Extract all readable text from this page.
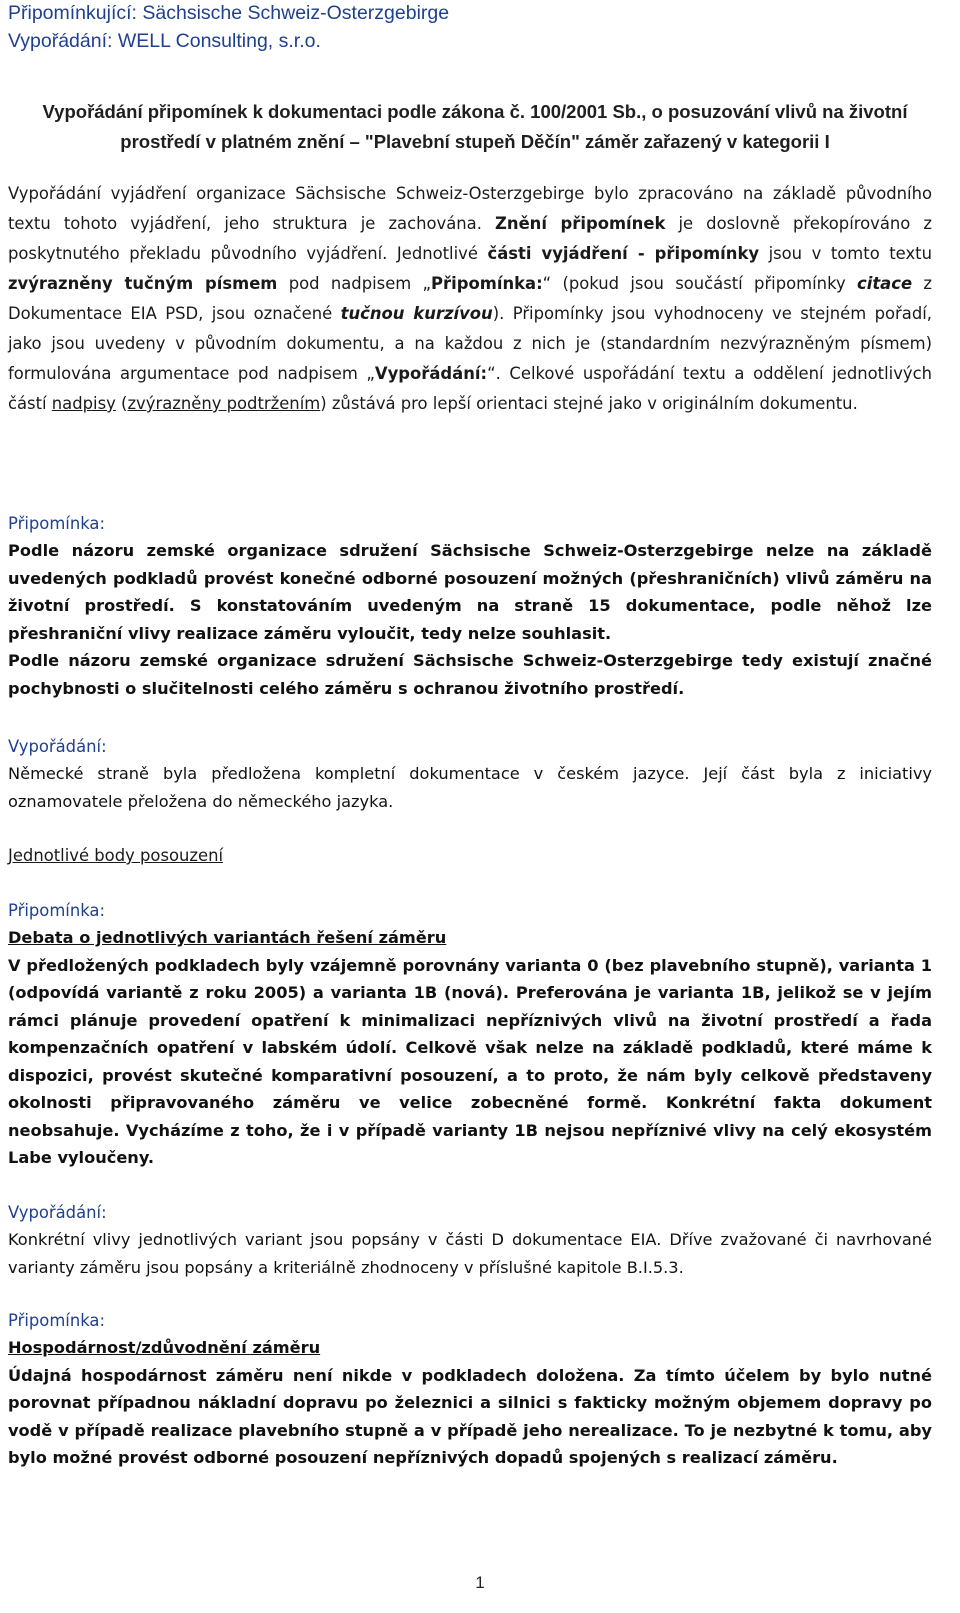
Připomínkující: Sächsische Schweiz-Osterzgebirge
Vypořádání: WELL Consulting, s.r.o.
Vypořádání připomínek k dokumentaci podle zákona č. 100/2001 Sb., o posuzování vlivů na životní
prostředí v platném znění – "Plavební stupeň Děčín" záměr zařazený v kategorii I
Vypořádání vyjádření organizace Sächsische Schweiz-Osterzgebirge bylo zpracováno na základě původního textu tohoto vyjádření, jeho struktura je zachována. Znění připomínek je doslovně překopírováno z poskytnutého překladu původního vyjádření. Jednotlivé části vyjádření - připomínky jsou v tomto textu zvýrazněny tučným písmem pod nadpisem „Připomínka:“ (pokud jsou součástí připomínky citace z Dokumentace EIA PSD, jsou označené tučnou kurzívou). Připomínky jsou vyhodnoceny ve stejném pořadí, jako jsou uvedeny v původním dokumentu, a na každou z nich je (standardním nezvýrazněným písmem) formulována argumentace pod nadpisem „Vypořádání:“. Celkové uspořádání textu a oddělení jednotlivých částí nadpisy (zvýrazněny podtržením) zůstává pro lepší orientaci stejné jako v originálním dokumentu.
Připomínka:
Podle názoru zemské organizace sdružení Sächsische Schweiz-Osterzgebirge nelze na základě uvedených podkladů provést konečné odborné posouzení možných (přeshraničních) vlivů záměru na životní prostředí. S konstatováním uvedeným na straně 15 dokumentace, podle něhož lze přeshraniční vlivy realizace záměru vyloučit, tedy nelze souhlasit.
Podle názoru zemské organizace sdružení Sächsische Schweiz-Osterzgebirge tedy existují značné pochybnosti o slučitelnosti celého záměru s ochranou životního prostředí.
Vypořádání:
Německé straně byla předložena kompletní dokumentace v českém jazyce. Její část byla z iniciativy oznamovatele přeložena do německého jazyka.
Jednotlivé body posouzení
Připomínka:
Debata o jednotlivých variantách řešení záměru
V předložených podkladech byly vzájemně porovnány varianta 0 (bez plavebního stupně), varianta 1 (odpovídá variantě z roku 2005) a varianta 1B (nová). Preferována je varianta 1B, jelikož se v jejím rámci plánuje provedení opatření k minimalizaci nepříznivých vlivů na životní prostředí a řada kompenzačních opatření v labském údolí. Celkově však nelze na základě podkladů, které máme k dispozici, provést skutečné komparativní posouzení, a to proto, že nám byly celkově představeny okolnosti připravovaného záměru ve velice zobecněné formě. Konkrétní fakta dokument neobsahuje. Vycházíme z toho, že i v případě varianty 1B nejsou nepříznivé vlivy na celý ekosystém Labe vyloučeny.
Vypořádání:
Konkrétní vlivy jednotlivých variant jsou popsány v části D dokumentace EIA. Dříve zvažované či navrhované varianty záměru jsou popsány a kriteriálně zhodnoceny v příslušné kapitole B.I.5.3.
Připomínka:
Hospodárnost/zdůvodnění záměru
Údajná hospodárnost záměru není nikde v podkladech doložena. Za tímto účelem by bylo nutné porovnat případnou nákladní dopravu po železnici a silnici s fakticky možným objemem dopravy po vodě v případě realizace plavebního stupně a v případě jeho nerealizace. To je nezbytné k tomu, aby bylo možné provést odborné posouzení nepříznivých dopadů spojených s realizací záměru.
1
